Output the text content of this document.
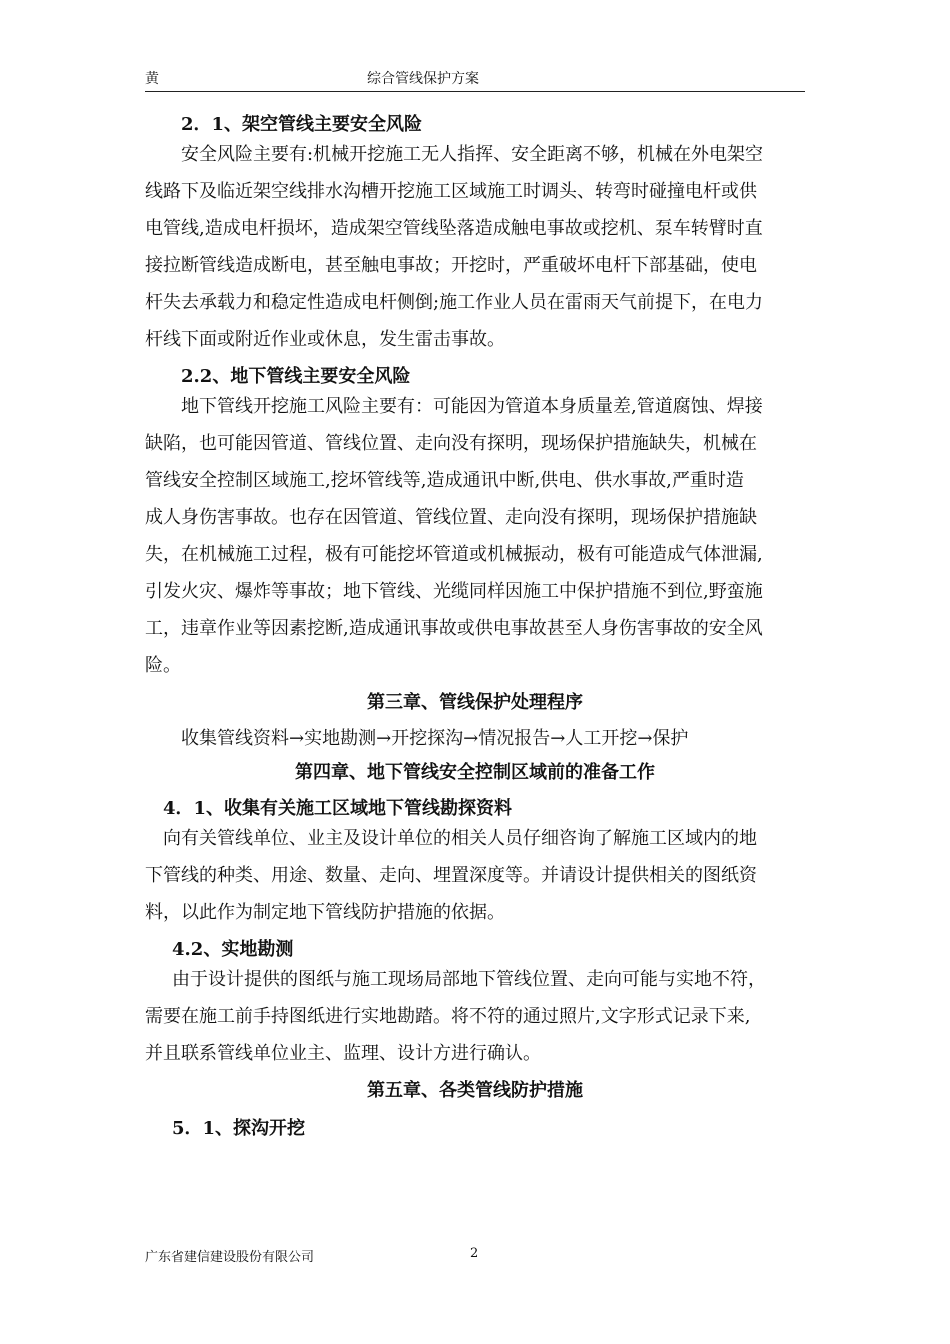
黄	综合管线保护方案
2．1、架空管线主要安全风险
安全风险主要有:机械开挖施工无人指挥、安全距离不够，机械在外电架空
线路下及临近架空线排水沟槽开挖施工区域施工时调头、转弯时碰撞电杆或供
电管线,造成电杆损坏，造成架空管线坠落造成触电事故或挖机、泵车转臂时直
接拉断管线造成断电，甚至触电事故；开挖时，严重破坏电杆下部基础，使电
杆失去承载力和稳定性造成电杆侧倒;施工作业人员在雷雨天气前提下，在电力
杆线下面或附近作业或休息，发生雷击事故。
2.2、地下管线主要安全风险
地下管线开挖施工风险主要有：可能因为管道本身质量差,管道腐蚀、焊接
缺陷，也可能因管道、管线位置、走向没有探明，现场保护措施缺失，机械在
管线安全控制区域施工,挖坏管线等,造成通讯中断,供电、供水事故,严重时造
成人身伤害事故。也存在因管道、管线位置、走向没有探明，现场保护措施缺
失，在机械施工过程，极有可能挖坏管道或机械振动，极有可能造成气体泄漏,
引发火灾、爆炸等事故；地下管线、光缆同样因施工中保护措施不到位,野蛮施
工，违章作业等因素挖断,造成通讯事故或供电事故甚至人身伤害事故的安全风
险。
第三章、管线保护处理程序
收集管线资料→实地勘测→开挖探沟→情况报告→人工开挖→保护
第四章、地下管线安全控制区域前的准备工作
4．1、收集有关施工区域地下管线勘探资料
向有关管线单位、业主及设计单位的相关人员仔细咨询了解施工区域内的地
下管线的种类、用途、数量、走向、埋置深度等。并请设计提供相关的图纸资
料，以此作为制定地下管线防护措施的依据。
4.2、实地勘测
由于设计提供的图纸与施工现场局部地下管线位置、走向可能与实地不符，
需要在施工前手持图纸进行实地勘踏。将不符的通过照片,文字形式记录下来,
并且联系管线单位业主、监理、设计方进行确认。
第五章、各类管线防护措施
5．1、探沟开挖
广东省建信建设股份有限公司	2
